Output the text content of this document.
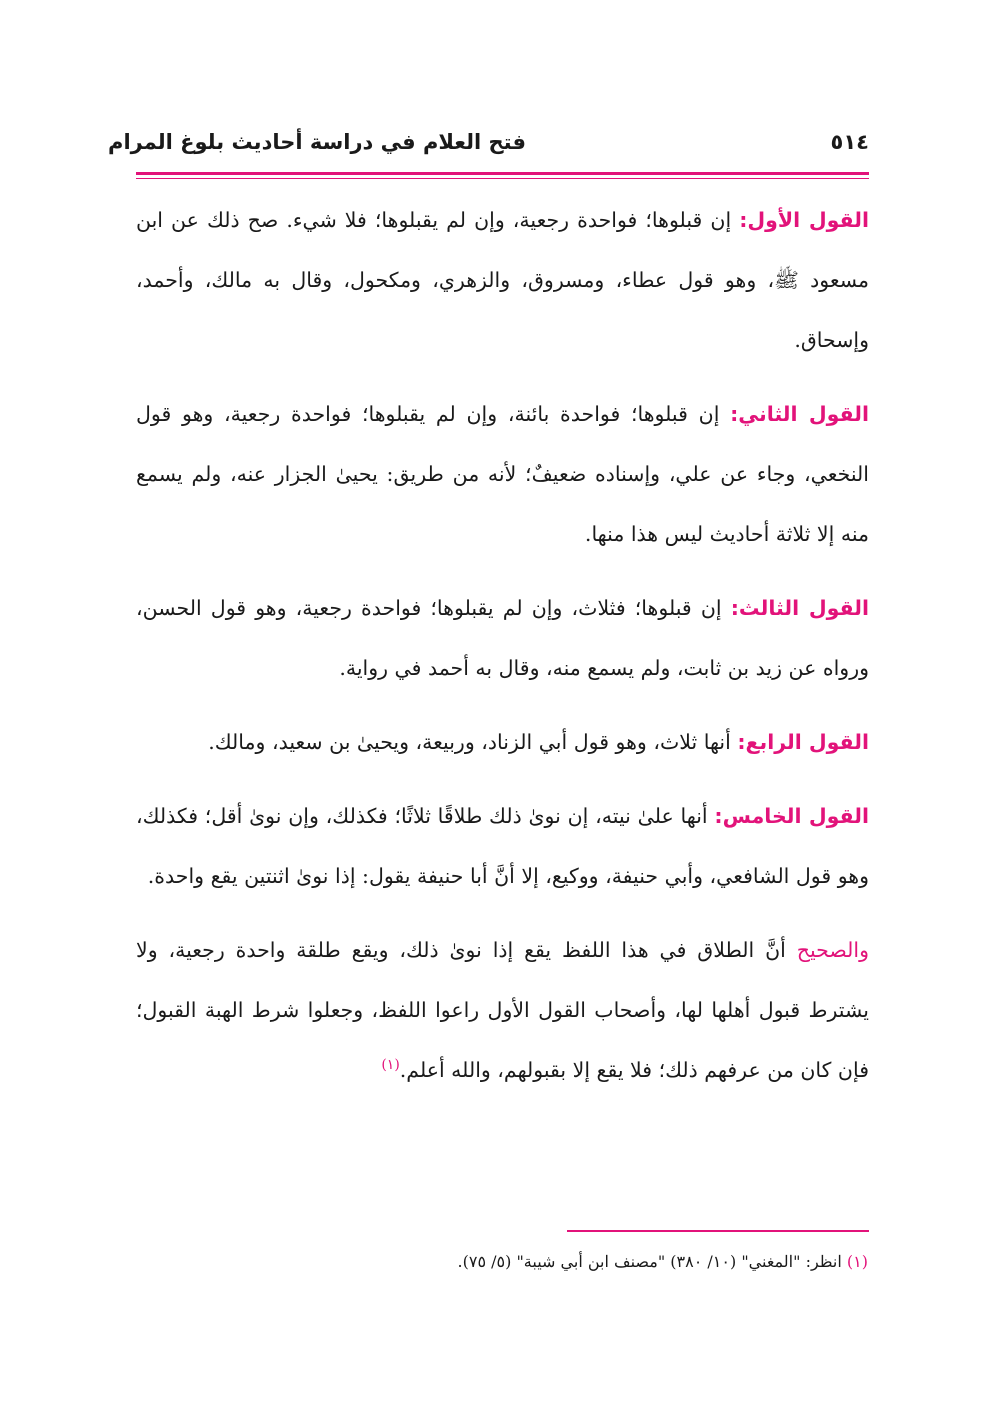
٥١٤
فتح العلام في دراسة أحاديث بلوغ المرام

القول الأول: إن قبلوها؛ فواحدة رجعية، وإن لم يقبلوها؛ فلا شيء. صح ذلك عن ابن مسعود ﷺ، وهو قول عطاء، ومسروق، والزهري، ومكحول، وقال به مالك، وأحمد، وإسحاق.

القول الثاني: إن قبلوها؛ فواحدة بائنة، وإن لم يقبلوها؛ فواحدة رجعية، وهو قول النخعي، وجاء عن علي، وإسناده ضعيفٌ؛ لأنه من طريق: يحيىٰ الجزار عنه، ولم يسمع منه إلا ثلاثة أحاديث ليس هذا منها.

القول الثالث: إن قبلوها؛ فثلاث، وإن لم يقبلوها؛ فواحدة رجعية، وهو قول الحسن، ورواه عن زيد بن ثابت، ولم يسمع منه، وقال به أحمد في رواية.

القول الرابع: أنها ثلاث، وهو قول أبي الزناد، وربيعة، ويحيىٰ بن سعيد، ومالك.

القول الخامس: أنها علىٰ نيته، إن نوىٰ ذلك طلاقًا ثلاثًا؛ فكذلك، وإن نوىٰ أقل؛ فكذلك، وهو قول الشافعي، وأبي حنيفة، ووكيع، إلا أنَّ أبا حنيفة يقول: إذا نوىٰ اثنتين يقع واحدة.

والصحيح أنَّ الطلاق في هذا اللفظ يقع إذا نوىٰ ذلك، ويقع طلقة واحدة رجعية، ولا يشترط قبول أهلها لها، وأصحاب القول الأول راعوا اللفظ، وجعلوا شرط الهبة القبول؛ فإن كان من عرفهم ذلك؛ فلا يقع إلا بقبولهم، والله أعلم.$^{(١)}$

(١) انظر: "المغني" (١٠/ ٣٨٠) "مصنف ابن أبي شيبة" (٥/ ٧٥).
